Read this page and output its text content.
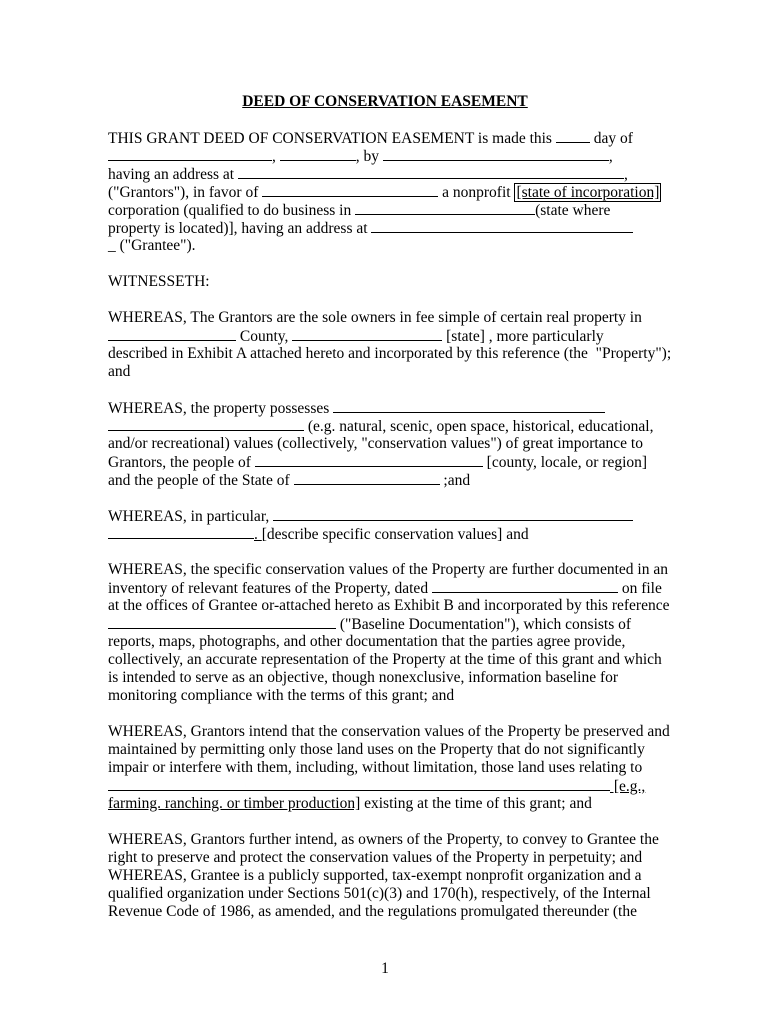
DEED OF CONSERVATION EASEMENT
THIS GRANT DEED OF CONSERVATION EASEMENT is made this  day of
,	, by	,
having an address at	,
("Grantors"), in favor of	a nonprofit [state of incorporation]
corporation (qualified to do business in	(state where
property is located)], having an address at
_ ("Grantee").
WITNESSETH:
WHEREAS, The Grantors are the sole owners in fee simple of certain real property in
County,	[state] , more particularly
described in Exhibit A attached hereto and incorporated by this reference (the  "Property");
and
WHEREAS, the property possesses
(e.g. natural, scenic, open space, historical, educational,
and/or recreational) values (collectively, "conservation values") of great importance to
Grantors, the people of	[county, locale, or region]
and the people of the State of	;and
WHEREAS, in particular,
. [describe specific conservation values] and
WHEREAS, the specific conservation values of the Property are further documented in an
inventory of relevant features of the Property, dated	on file
at the offices of Grantee or-attached hereto as Exhibit B and incorporated by this reference
("Baseline Documentation"), which consists of
reports, maps, photographs, and other documentation that the parties agree provide,
collectively, an accurate representation of the Property at the time of this grant and which
is intended to serve as an objective, though nonexclusive, information baseline for
monitoring compliance with the terms of this grant; and
WHEREAS, Grantors intend that the conservation values of the Property be preserved and
maintained by permitting only those land uses on the Property that do not significantly
impair or interfere with them, including, without limitation, those land uses relating to
[e.g.,
farming. ranching. or timber production] existing at the time of this grant; and
WHEREAS, Grantors further intend, as owners of the Property, to convey to Grantee the
right to preserve and protect the conservation values of the Property in perpetuity; and
WHEREAS, Grantee is a publicly supported, tax-exempt nonprofit organization and a
qualified organization under Sections 501(c)(3) and 170(h), respectively, of the Internal
Revenue Code of 1986, as amended, and the regulations promulgated thereunder (the
1
